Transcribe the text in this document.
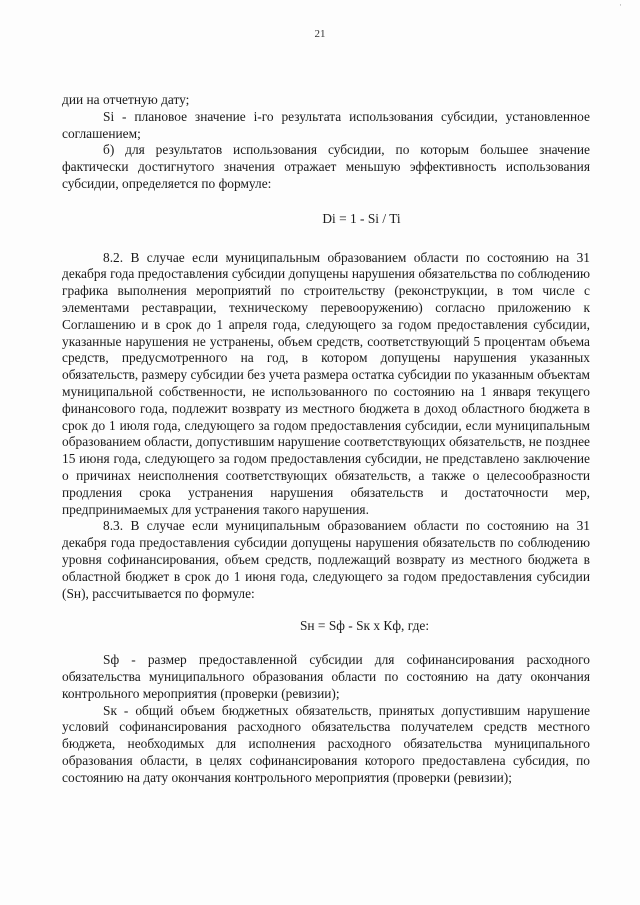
·
21

дии на отчетную дату;

Si - плановое значение i-го результата использования субсидии, установленное соглашением;

б) для результатов использования субсидии, по которым большее значение фактически достигнутого значения отражает меньшую эффективность использования субсидии, определяется по формуле:

Di = 1 - Si / Ti

8.2. В случае если муниципальным образованием области по состоянию на 31 декабря года предоставления субсидии допущены нарушения обязательства по соблюдению графика выполнения мероприятий по строительству (реконструкции, в том числе с элементами реставрации, техническому перевооружению) согласно приложению к Соглашению и в срок до 1 апреля года, следующего за годом предоставления субсидии, указанные нарушения не устранены, объем средств, соответствующий 5 процентам объема средств, предусмотренного на год, в котором допущены нарушения указанных обязательств, размеру субсидии без учета размера остатка субсидии по указанным объектам муниципальной собственности, не использованного по состоянию на 1 января текущего финансового года, подлежит возврату из местного бюджета в доход областного бюджета в срок до 1 июля года, следующего за годом предоставления субсидии, если муниципальным образованием области, допустившим нарушение соответствующих обязательств, не позднее 15 июня года, следующего за годом предоставления субсидии, не представлено заключение о причинах неисполнения соответствующих обязательств, а также о целесообразности продления срока устранения нарушения обязательств и достаточности мер, предпринимаемых для устранения такого нарушения.

8.3. В случае если муниципальным образованием области по состоянию на 31 декабря года предоставления субсидии допущены нарушения обязательств по соблюдению уровня софинансирования, объем средств, подлежащий возврату из местного бюджета в областной бюджет в срок до 1 июня года, следующего за годом предоставления субсидии (Sн), рассчитывается по формуле:

Sн = Sф - Sк x Кф, где:

Sф - размер предоставленной субсидии для софинансирования расходного обязательства муниципального образования области по состоянию на дату окончания контрольного мероприятия (проверки (ревизии);

Sк - общий объем бюджетных обязательств, принятых допустившим нарушение условий софинансирования расходного обязательства получателем средств местного бюджета, необходимых для исполнения расходного обязательства муниципального образования области, в целях софинансирования которого предоставлена субсидия, по состоянию на дату окончания контрольного мероприятия (проверки (ревизии);
